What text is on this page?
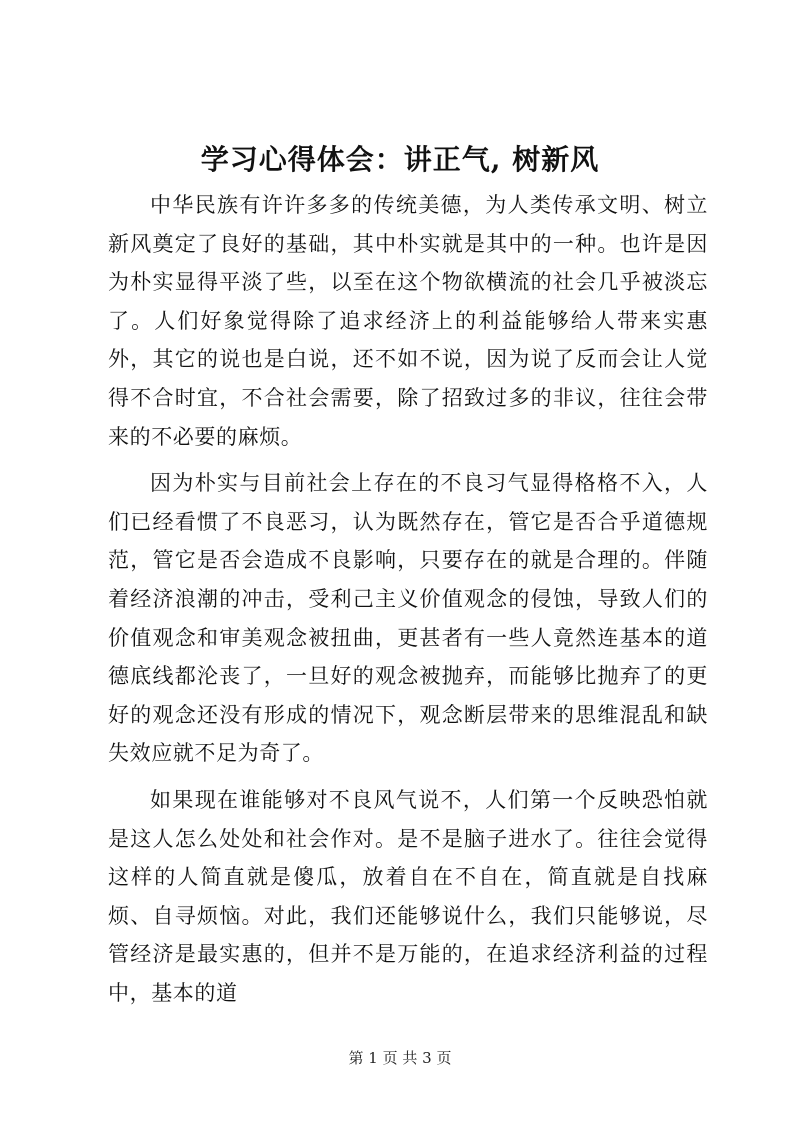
学习心得体会：讲正气, 树新风

中华民族有许许多多的传统美德，为人类传承文明、树立新风奠定了良好的基础，其中朴实就是其中的一种。也许是因为朴实显得平淡了些，以至在这个物欲横流的社会几乎被淡忘了。人们好象觉得除了追求经济上的利益能够给人带来实惠外，其它的说也是白说，还不如不说，因为说了反而会让人觉得不合时宜，不合社会需要，除了招致过多的非议，往往会带来的不必要的麻烦。

因为朴实与目前社会上存在的不良习气显得格格不入，人们已经看惯了不良恶习，认为既然存在，管它是否合乎道德规范，管它是否会造成不良影响，只要存在的就是合理的。伴随着经济浪潮的冲击，受利己主义价值观念的侵蚀，导致人们的价值观念和审美观念被扭曲，更甚者有一些人竟然连基本的道德底线都沦丧了，一旦好的观念被抛弃，而能够比抛弃了的更好的观念还没有形成的情况下，观念断层带来的思维混乱和缺失效应就不足为奇了。

如果现在谁能够对不良风气说不，人们第一个反映恐怕就是这人怎么处处和社会作对。是不是脑子进水了。往往会觉得这样的人简直就是傻瓜，放着自在不自在，简直就是自找麻烦、自寻烦恼。对此，我们还能够说什么，我们只能够说，尽管经济是最实惠的，但并不是万能的，在追求经济利益的过程中，基本的道

第 1 页 共 3 页
